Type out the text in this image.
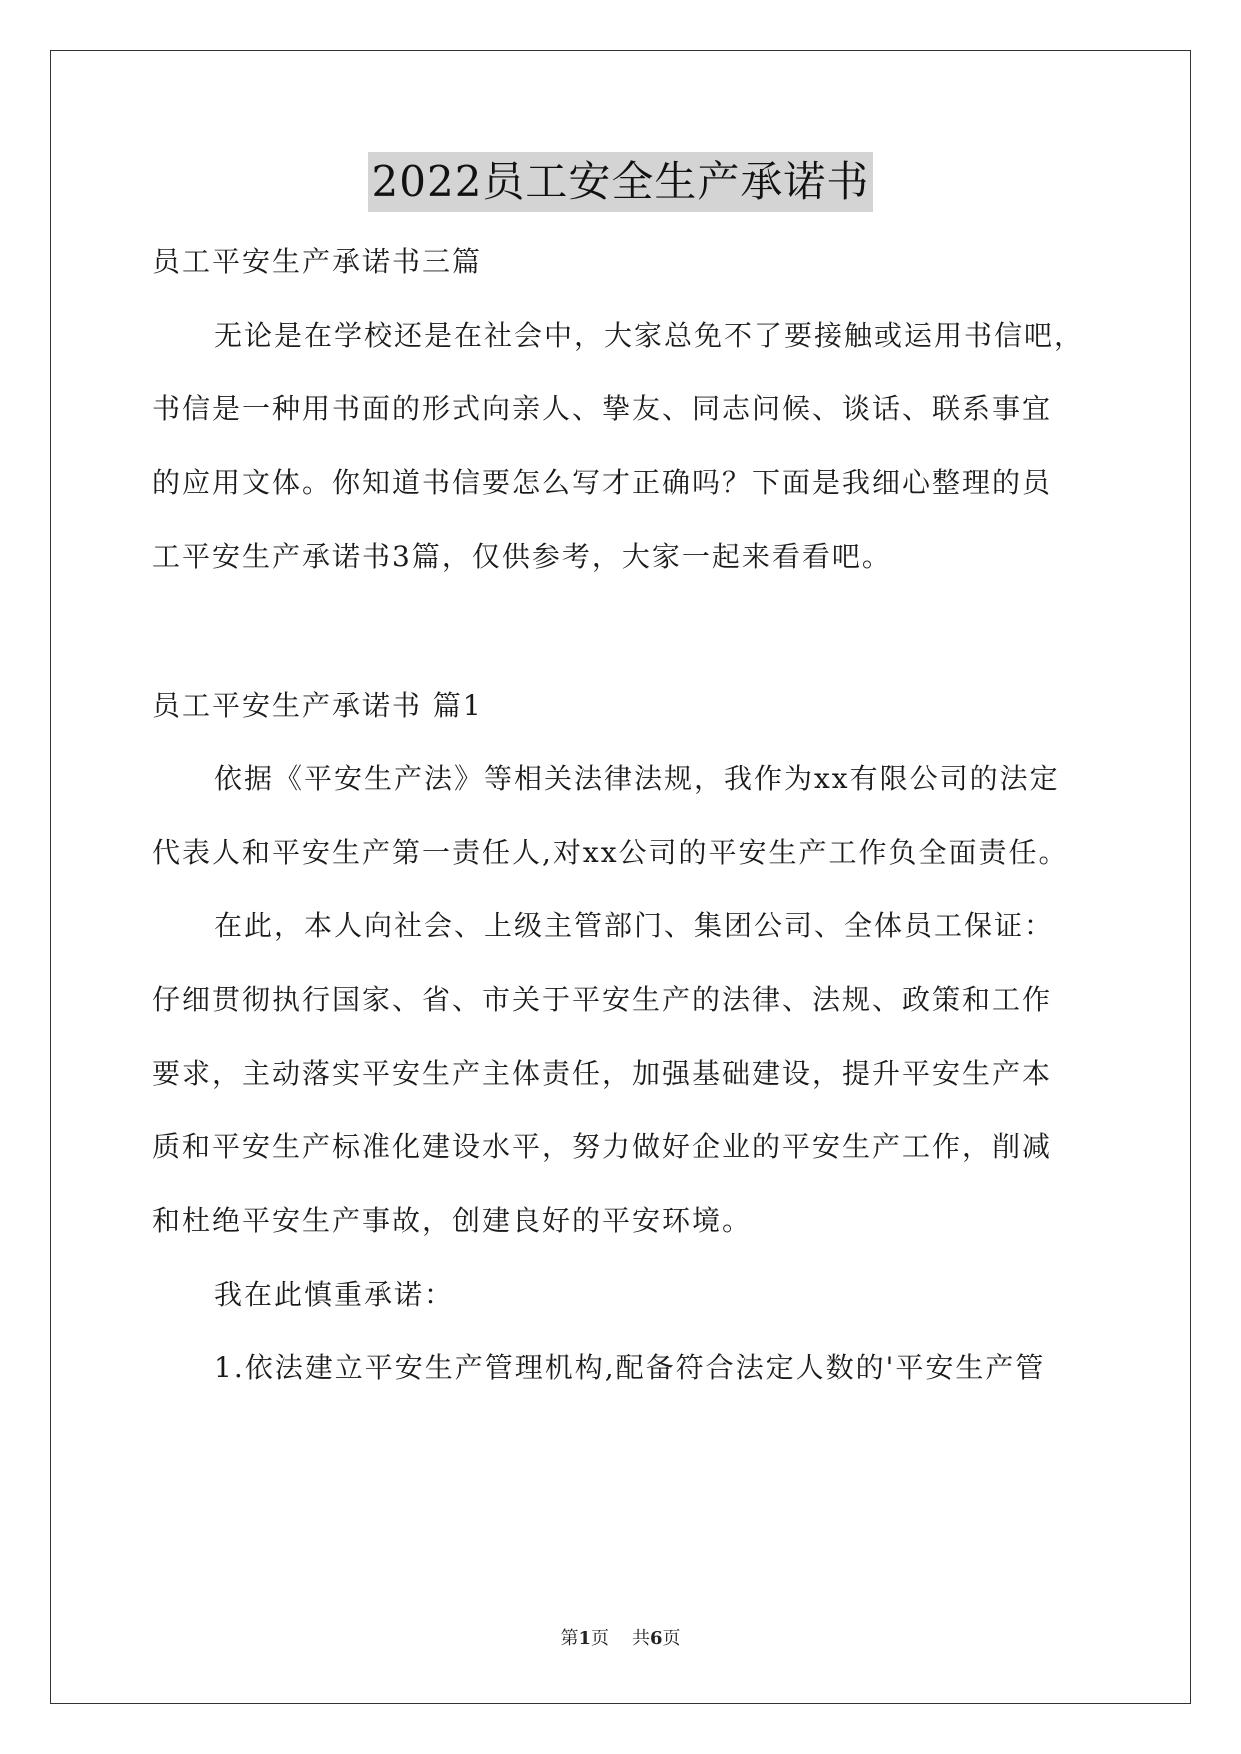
2022员工安全生产承诺书
员工平安生产承诺书三篇
无论是在学校还是在社会中，大家总免不了要接触或运用书信吧，
书信是一种用书面的形式向亲人、挚友、同志问候、谈话、联系事宜
的应用文体。你知道书信要怎么写才正确吗？下面是我细心整理的员
工平安生产承诺书3篇，仅供参考，大家一起来看看吧。
员工平安生产承诺书 篇1
依据《平安生产法》等相关法律法规，我作为xx有限公司的法定
代表人和平安生产第一责任人,对xx公司的平安生产工作负全面责任。
在此，本人向社会、上级主管部门、集团公司、全体员工保证：
仔细贯彻执行国家、省、市关于平安生产的法律、法规、政策和工作
要求，主动落实平安生产主体责任，加强基础建设，提升平安生产本
质和平安生产标准化建设水平，努力做好企业的平安生产工作，削减
和杜绝平安生产事故，创建良好的平安环境。
我在此慎重承诺：
1.依法建立平安生产管理机构,配备符合法定人数的'平安生产管
第1页 共6页
